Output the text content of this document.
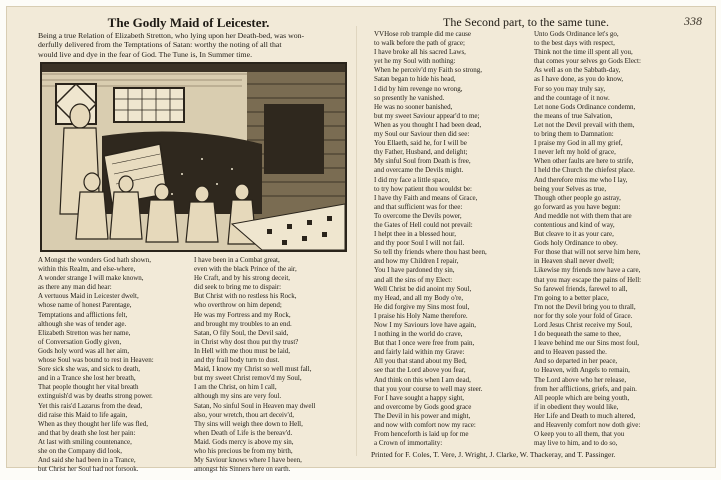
338
The Godly Maid of Leicester.	The Second part, to the same tune.
Being a true Relation of Elizabeth Stretton, who lying upon her Death-bed, was won-
derfully delivered from the Temptations of Satan: worthy the noting of all that
would live and dye in the fear of God. The Tune is, In Summer time.
A Mongst the wonders God hath shown,
within this Realm, and else-where,
A wonder strange I will make known,
as there any man did hear:
A vertuous Maid in Leicester dwelt,
whose name of honest Parentage,
Temptations and afflictions felt,
although she was of tender age.
Elizabeth Stretton was her name,
of Conversation Godly given,
Gods holy word was all her aim,
whose Soul was bound to rest in Heaven:
Sore sick she was, and sick to death,
and in a Trance she lost her breath,
That people thought her vital breath
extinguish'd was by deaths strong power.
Yet this rais'd Lazarus from the dead,
did raise this Maid to life again,
When as they thought her life was fled,
and that by death she lost her pain:
At last with smiling countenance,
she on the Company did look,
And said she had been in a Trance,
but Christ her Soul had not forsook.
I have been in a Combat great,
even with the black Prince of the air,
He Craft, and by his strong deceit,
did seek to bring me to dispair:
But Christ with no restless his Rock,
who overthrow on him depend;
He was my Fortress and my Rock,
and brought my troubles to an end.
Satan, O fily Soul, the Devil said,
in Christ why dost thou put thy trust?
In Hell with me thou must be laid,
and thy frail body turn to dust.
Maid, I know my Christ so well must fall,
but my sweet Christ remov'd my Soul,
I am the Christ, on him I call,
although my sins are very foul.
Satan, No sinful Soul in Heaven may dwell
also, your wretch, thou art deceiv'd,
Thy sins will weigh thee down to Hell,
when Death of Life is the bereav'd.
Maid. Gods mercy is above my sin,
who his precious be from my birth,
My Saviour knows where I have been,
amongst his Sinners here on earth.
VVHose rob trample did me cause
to walk before the path of grace;
I have broke all his sacred Laws,
yet he my Soul with nothing:
When he perceiv'd my Faith so strong,
Satan began to hide his head,
I did by him revenge no wrong,
so presently he vanished.
He was no sooner banished,
but my sweet Saviour appear'd to me;
When as you thought I had been dead,
my Soul our Saviour then did see:
You Ellaeth, said he, for I will be
thy Father, Husband, and delight;
My sinful Soul from Death is free,
and overcame the Devils might.
I did my face a little space,
to try how patient thou wouldst be:
I have thy Faith and means of Grace,
and that sufficient was for thee:
To overcome the Devils power,
the Gates of Hell could not prevail:
I helpt thee in a blessed hour,
and thy poor Soul I will not fail.
So tell thy friends where thou hast been,
and how my Children I repair,
You I have pardoned thy sin,
and all the sins of my Elect:
Well Christ be did anoint my Soul,
my Head, and all my Body o're,
He did forgive my Sins most foul,
I praise his Holy Name therefore.
Now I my Saviours love have again,
I nothing in the world do crave,
But that I once were free from pain,
and fairly laid within my Grave:
All you that stand about my Bed,
see that the Lord above you fear,
And think on this when I am dead,
that you your course to well may steer.
For I have sought a happy sight,
and overcome by Gods good grace
The Devil in his power and might,
and now with comfort now my race:
From henceforth is laid up for me
a Crown of immortality:
Unto Gods Ordinance let's go,
to the best days with respect,
Think not the time ill spent all you,
that comes your selves go Gods Elect:
As well as on the Sabbath-day,
as I have done, as you do know,
For so you may truly say,
and the countage of it now.
Let none Gods Ordinance condemn,
the means of true Salvation,
Let not the Devil prevail with them,
to bring them to Damnation:
I praise my God in all my grief,
I never left my hold of grace,
When other faults are here to strife,
I held the Church the chiefest place.
And therefore miss me who I lay,
being your Selves as true,
Though other people go astray,
go forward as you have begun:
And meddle not with them that are
contentious and kind of way,
But cleave to it as your care,
Gods holy Ordinance to obey.
For those that will not serve him here,
in Heaven shall never dwell;
Likewise my friends now have a care,
that you may escape the pains of Hell:
So farewel friends, farewel to all,
I'm going to a better place,
I'm not the Devil bring you to thrall,
nor for thy sole your fold of Grace.
Lord Jesus Christ receive my Soul,
I do bequeath the same to thee,
I leave behind me our Sins most foul,
and to Heaven passed the.
And so departed in her peace,
to Heaven, with Angels to remain,
The Lord above who her release,
from her afflictions, griefs, and pain.
All people which are being youth,
if in obedient they would like,
Her Life and Death to much altered,
and Heavenly comfort now doth give:
O keep you to all them, that you
may live to him, and to do so,
Printed for F. Coles, T. Vere, J. Wright, J. Clarke, W. Thackeray, and T. Passinger.
